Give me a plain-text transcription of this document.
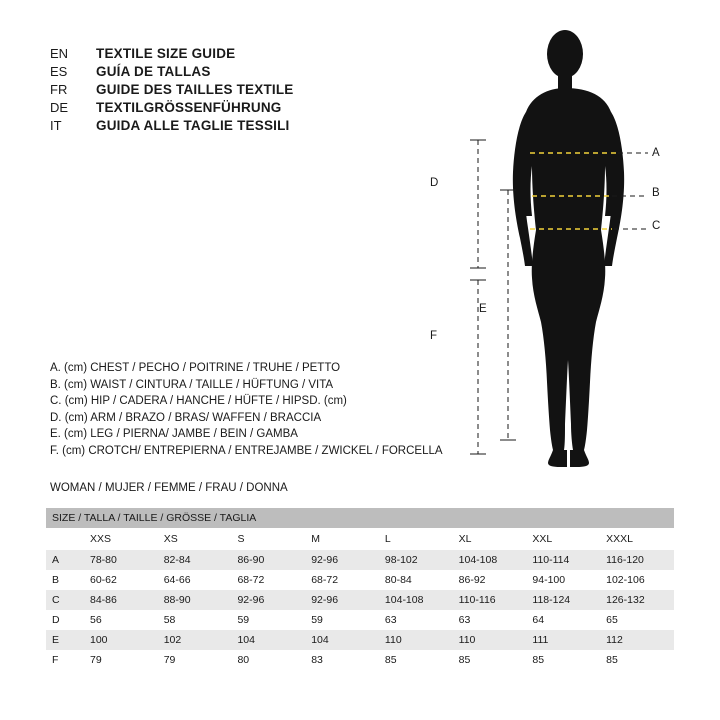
EN	TEXTILE SIZE GUIDE
ES	GUÍA DE TALLAS
FR	GUIDE DES TAILLES TEXTILE
DE	TEXTILGRÖSSENFÜHRUNG
IT	GUIDA ALLE TAGLIE TESSILI
A
B
C
D
E
F
A. (cm) CHEST / PECHO / POITRINE / TRUHE / PETTO
B. (cm) WAIST / CINTURA / TAILLE / HÜFTUNG / VITA
C. (cm) HIP / CADERA / HANCHE / HÜFTE / HIPSD. (cm)
D. (cm) ARM / BRAZO / BRAS/ WAFFEN / BRACCIA
E. (cm) LEG / PIERNA/ JAMBE / BEIN / GAMBA
F. (cm) CROTCH/ ENTREPIERNA / ENTREJAMBE / ZWICKEL / FORCELLA
WOMAN / MUJER / FEMME / FRAU / DONNA
SIZE / TALLA / TAILLE / GRÖSSE / TAGLIA								
	XXS	XS	S	M	L	XL	XXL	XXXL
A	78-80	82-84	86-90	92-96	98-102	104-108	110-114	116-120
B	60-62	64-66	68-72	68-72	80-84	86-92	94-100	102-106
C	84-86	88-90	92-96	92-96	104-108	110-116	118-124	126-132
D	56	58	59	59	63	63	64	65
E	100	102	104	104	110	110	111	112
F	79	79	80	83	85	85	85	85
